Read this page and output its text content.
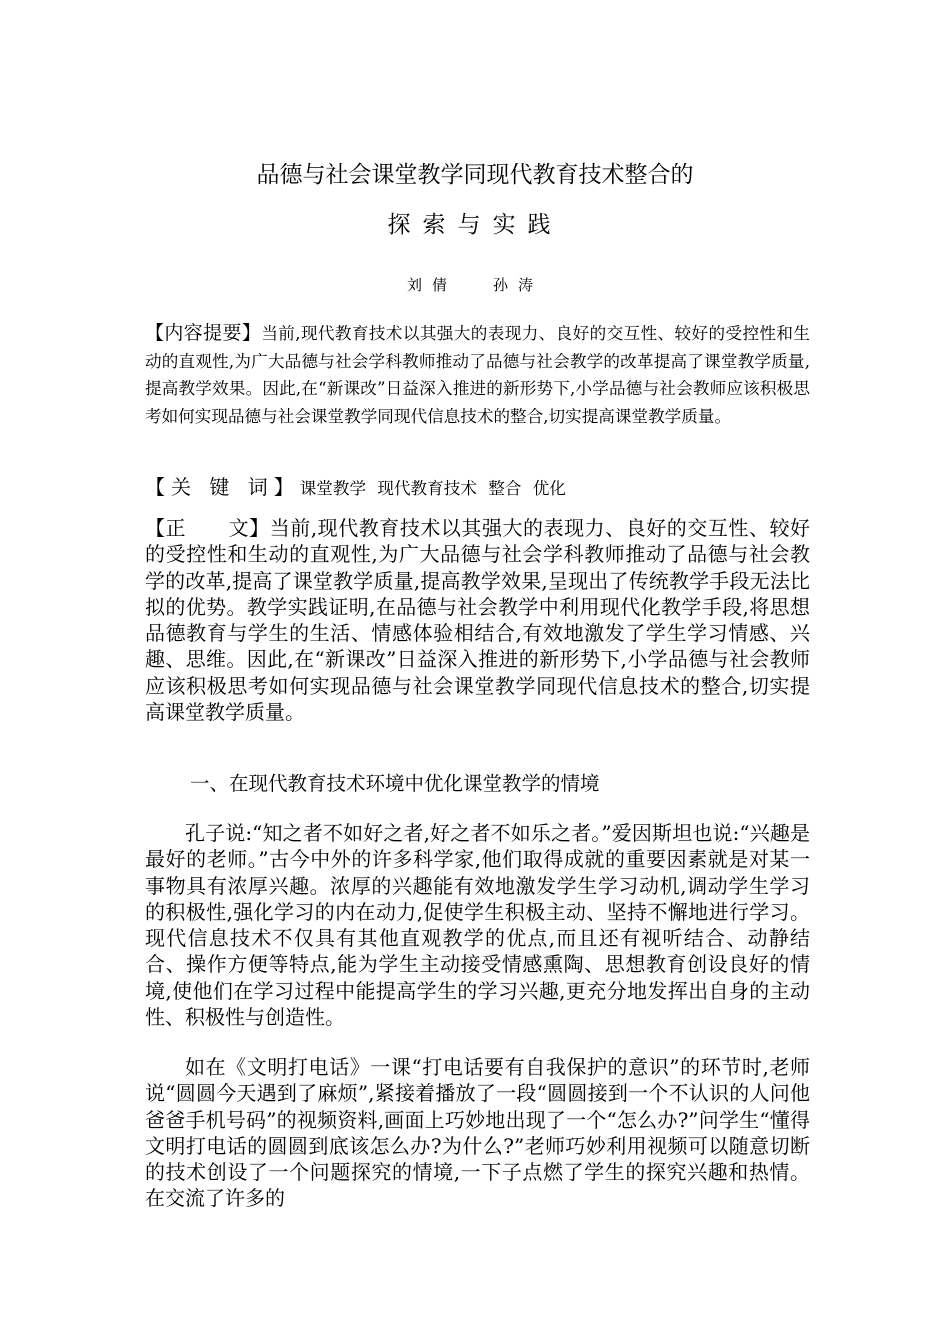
品德与社会课堂教学同现代教育技术整合的
探索与实践
刘倩 孙涛
【内容提要】当前,现代教育技术以其强大的表现力、良好的交互性、较好的受控性和生动的直观性,为广大品德与社会学科教师推动了品德与社会教学的改革提高了课堂教学质量,提高教学效果。因此,在“新课改”日益深入推进的新形势下,小学品德与社会教师应该积极思考如何实现品德与社会课堂教学同现代信息技术的整合,切实提高课堂教学质量。
【关 键 词】课堂教学 现代教育技术 整合 优化
【正 文】当前,现代教育技术以其强大的表现力、良好的交互性、较好的受控性和生动的直观性,为广大品德与社会学科教师推动了品德与社会教学的改革,提高了课堂教学质量,提高教学效果,呈现出了传统教学手段无法比拟的优势。教学实践证明,在品德与社会教学中利用现代化教学手段,将思想品德教育与学生的生活、情感体验相结合,有效地激发了学生学习情感、兴趣、思维。因此,在“新课改”日益深入推进的新形势下,小学品德与社会教师应该积极思考如何实现品德与社会课堂教学同现代信息技术的整合,切实提高课堂教学质量。
一、在现代教育技术环境中优化课堂教学的情境
孔子说:“知之者不如好之者,好之者不如乐之者。”爱因斯坦也说:“兴趣是最好的老师。”古今中外的许多科学家,他们取得成就的重要因素就是对某一事物具有浓厚兴趣。浓厚的兴趣能有效地激发学生学习动机,调动学生学习的积极性,强化学习的内在动力,促使学生积极主动、坚持不懈地进行学习。现代信息技术不仅具有其他直观教学的优点,而且还有视听结合、动静结合、操作方便等特点,能为学生主动接受情感熏陶、思想教育创设良好的情境,使他们在学习过程中能提高学生的学习兴趣,更充分地发挥出自身的主动性、积极性与创造性。
如在《文明打电话》一课“打电话要有自我保护的意识”的环节时,老师说“圆圆今天遇到了麻烦”,紧接着播放了一段“圆圆接到一个不认识的人问他爸爸手机号码”的视频资料,画面上巧妙地出现了一个“怎么办?”问学生“懂得文明打电话的圆圆到底该怎么办?为什么?”老师巧妙利用视频可以随意切断的技术创设了一个问题探究的情境,一下子点燃了学生的探究兴趣和热情。在交流了许多的
